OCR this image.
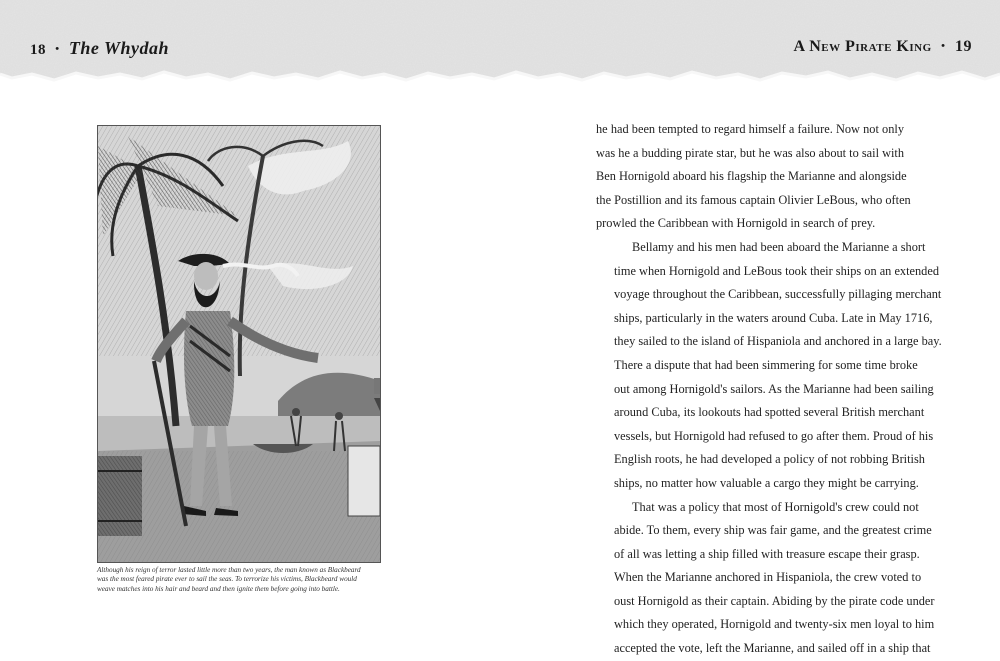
18 • The Whydah	A New Pirate King • 19

Although his reign of terror lasted little more than two years, the man known as Blackbeard
was the most feared pirate ever to sail the seas. To terrorize his victims, Blackbeard would
weave matches into his hair and beard and then ignite them before going into battle.

he had been tempted to regard himself a failure. Now not only
was he a budding pirate star, but he was also about to sail with
Ben Hornigold aboard his flagship the Marianne and alongside
the Postillion and its famous captain Olivier LeBous, who often
prowled the Caribbean with Hornigold in search of prey.

Bellamy and his men had been aboard the Marianne a short
time when Hornigold and LeBous took their ships on an extended
voyage throughout the Caribbean, successfully pillaging merchant
ships, particularly in the waters around Cuba. Late in May 1716,
they sailed to the island of Hispaniola and anchored in a large bay.
There a dispute that had been simmering for some time broke
out among Hornigold's sailors. As the Marianne had been sailing
around Cuba, its lookouts had spotted several British merchant
vessels, but Hornigold had refused to go after them. Proud of his
English roots, he had developed a policy of not robbing British
ships, no matter how valuable a cargo they might be carrying.

That was a policy that most of Hornigold's crew could not
abide. To them, every ship was fair game, and the greatest crime
of all was letting a ship filled with treasure escape their grasp.
When the Marianne anchored in Hispaniola, the crew voted to
oust Hornigold as their captain. Abiding by the pirate code under
which they operated, Hornigold and twenty-six men loyal to him
accepted the vote, left the Marianne, and sailed off in a ship that
